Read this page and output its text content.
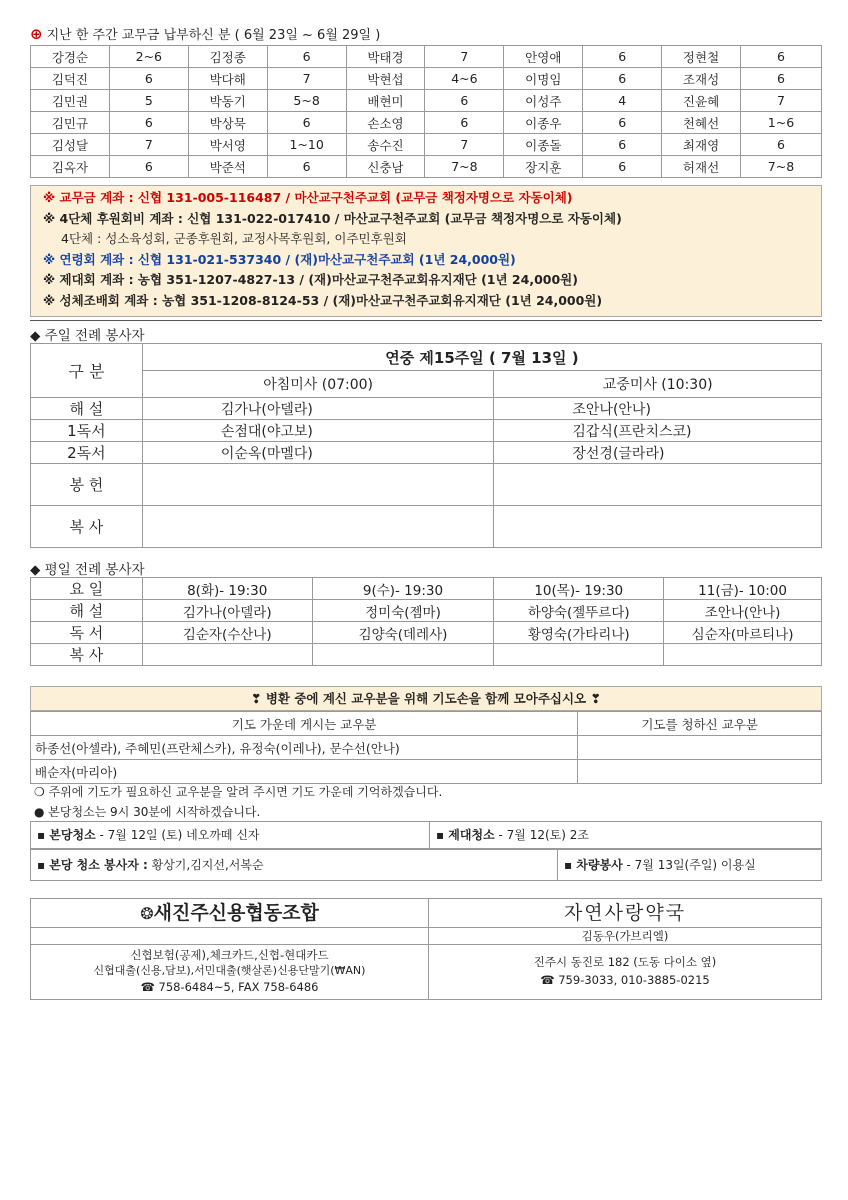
⊕ 지난 한 주간 교무금 납부하신 분 ( 6월 23일 ~ 6월 29일 )
강경순	2~6	김정종	6	박태경	7	안영애	6	정현철	6
김덕진	6	박다해	7	박현섭	4~6	이명임	6	조재성	6
김민권	5	박동기	5~8	배현미	6	이성주	4	진윤혜	7
김민규	6	박상묵	6	손소영	6	이종우	6	천혜선	1~6
김성달	7	박서영	1~10	송수진	7	이종돌	6	최재영	6
김옥자	6	박준석	6	신충남	7~8	장지훈	6	허재선	7~8
※ 교무금 계좌 : 신협 131-005-116487 / 마산교구천주교회 (교무금 책정자명으로 자동이체)
※ 4단체 후원회비 계좌 : 신협 131-022-017410 / 마산교구천주교회 (교무금 책정자명으로 자동이체)
4단체 : 성소육성회, 군종후원회, 교정사목후원회, 이주민후원회
※ 연령회 계좌 : 신협 131-021-537340 / (재)마산교구천주교회 (1년 24,000원)
※ 제대회 계좌 : 농협 351-1207-4827-13 / (재)마산교구천주교회유지재단 (1년 24,000원)
※ 성체조배회 계좌 : 농협 351-1208-8124-53 / (재)마산교구천주교회유지재단 (1년 24,000원)
◆ 주일 전례 봉사자
구 분	연중 제15주일 ( 7월 13일 )	
	아침미사 (07:00)	교중미사 (10:30)
해 설	김가나(아델라)	조안나(안나)
1독서	손점대(야고보)	김갑식(프란치스코)
2독서	이순옥(마멜다)	장선경(글라라)
봉 헌		
복 사		
◆ 평일 전례 봉사자
요 일	8(화)- 19:30	9(수)- 19:30	10(목)- 19:30	11(금)- 10:00
해 설	김가나(아델라)	정미숙(젬마)	하양숙(젤뚜르다)	조안나(안나)
독 서	김순자(수산나)	김양숙(데레사)	황영숙(가타리나)	심순자(마르티나)
복 사				
❣ 병환 중에 계신 교우분을 위해 기도손을 함께 모아주십시오 ❣
기도 가운데 게시는 교우분	기도를 청하신 교우분
하종선(아셀라), 주혜민(프란체스카), 유정숙(이레나), 문수선(안나)	
배순자(마리아)	
❍ 주위에 기도가 필요하신 교우분을 알려 주시면 기도 가운데 기억하겠습니다.
● 본당청소는 9시 30분에 시작하겠습니다.
▪ 본당청소 - 7월 12일 (토) 네오까떼 신자	▪ 제대청소 - 7월 12(토) 2조
▪ 본당 청소 봉사자 : 황상기,김지선,서복순	▪ 차량봉사 - 7월 13일(주일) 이용실
❂새진주신용협동조합
신협보험(공제),체크카드,신협-현대카드
신협대출(신용,담보),서민대출(햇살론)신용단말기(₩AN)
☎ 758-6484~5, FAX 758-6486
자연사랑약국
김동우(가브리엘)
진주시 동진로 182 (도동 다이소 옆)
☎ 759-3033, 010-3885-0215
